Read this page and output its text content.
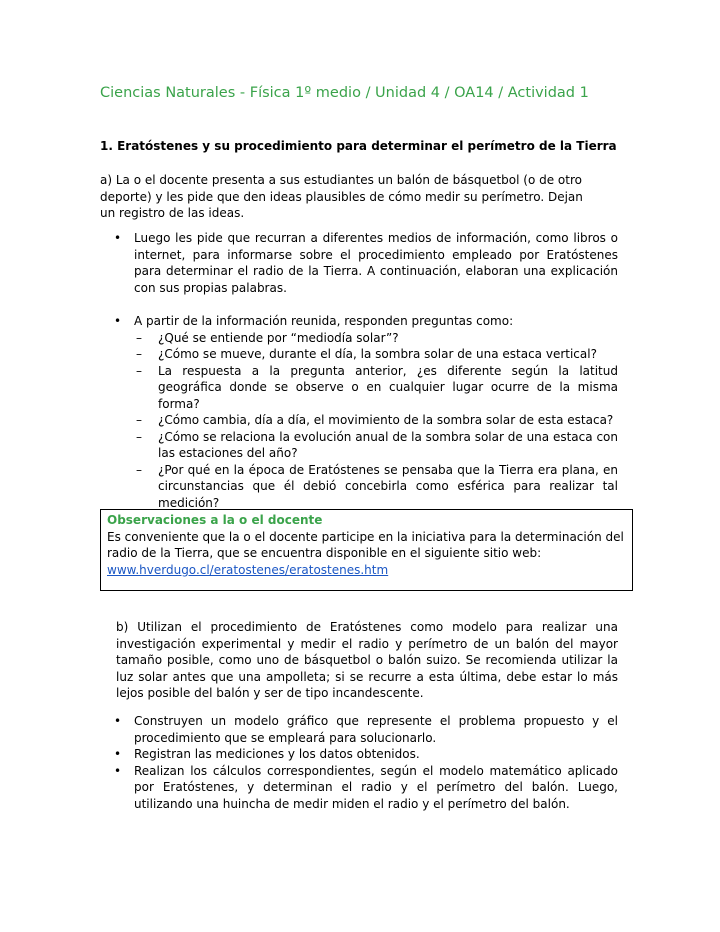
Ciencias Naturales - Física 1º medio / Unidad 4 / OA14 / Actividad 1
1. Eratóstenes y su procedimiento para determinar el perímetro de la Tierra
a) La o el docente presenta a sus estudiantes un balón de básquetbol (o de otro deporte) y les pide que den ideas plausibles de cómo medir su perímetro. Dejan un registro de las ideas.
• Luego les pide que recurran a diferentes medios de información, como libros o internet, para informarse sobre el procedimiento empleado por Eratóstenes para determinar el radio de la Tierra. A continuación, elaboran una explicación con sus propias palabras.
• A partir de la información reunida, responden preguntas como:
– ¿Qué se entiende por “mediodía solar”?
– ¿Cómo se mueve, durante el día, la sombra solar de una estaca vertical?
– La respuesta a la pregunta anterior, ¿es diferente según la latitud geográfica donde se observe o en cualquier lugar ocurre de la misma forma?
– ¿Cómo cambia, día a día, el movimiento de la sombra solar de esta estaca?
– ¿Cómo se relaciona la evolución anual de la sombra solar de una estaca con las estaciones del año?
– ¿Por qué en la época de Eratóstenes se pensaba que la Tierra era plana, en circunstancias que él debió concebirla como esférica para realizar tal medición?
Observaciones a la o el docente
Es conveniente que la o el docente participe en la iniciativa para la determinación del radio de la Tierra, que se encuentra disponible en el siguiente sitio web:
www.hverdugo.cl/eratostenes/eratostenes.htm
b) Utilizan el procedimiento de Eratóstenes como modelo para realizar una investigación experimental y medir el radio y perímetro de un balón del mayor tamaño posible, como uno de básquetbol o balón suizo. Se recomienda utilizar la luz solar antes que una ampolleta; si se recurre a esta última, debe estar lo más lejos posible del balón y ser de tipo incandescente.
• Construyen un modelo gráfico que represente el problema propuesto y el procedimiento que se empleará para solucionarlo.
• Registran las mediciones y los datos obtenidos.
• Realizan los cálculos correspondientes, según el modelo matemático aplicado por Eratóstenes, y determinan el radio y el perímetro del balón. Luego, utilizando una huincha de medir miden el radio y el perímetro del balón.
